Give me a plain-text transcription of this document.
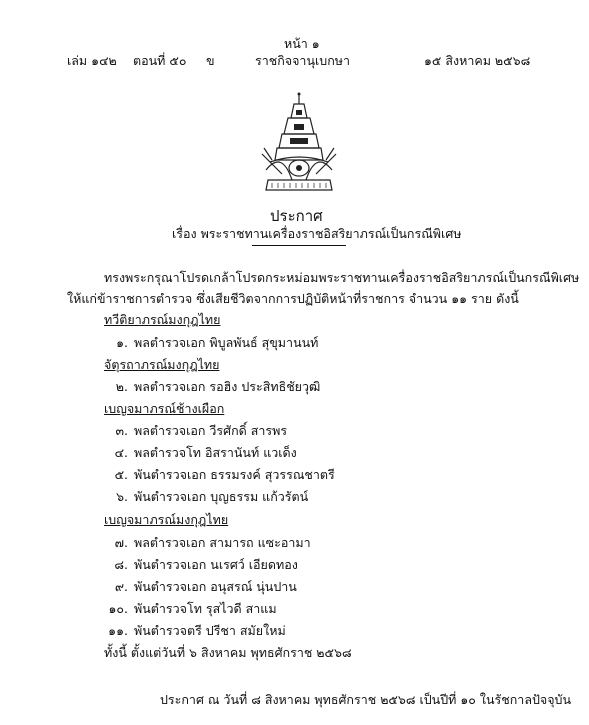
หน้า ๑
เล่ม ๑๔๒ ตอนที่ ๕๐ ข	ราชกิจจานุเบกษา	๑๕ สิงหาคม ๒๕๖๘
ประกาศ
เรื่อง พระราชทานเครื่องราชอิสริยาภรณ์เป็นกรณีพิเศษ
ทรงพระกรุณาโปรดเกล้าโปรดกระหม่อมพระราชทานเครื่องราชอิสริยาภรณ์เป็นกรณีพิเศษ
ให้แก่ข้าราชการตำรวจ ซึ่งเสียชีวิตจากการปฏิบัติหน้าที่ราชการ จำนวน ๑๑ ราย ดังนี้
ทวีติยาภรณ์มงกุฎไทย
๑. พลตำรวจเอก พิบูลพันธ์ สุขุมานนท์
จัตุรถาภรณ์มงกุฎไทย
๒. พลตำรวจเอก รอฮิง ประสิทธิชัยวุฒิ
เบญจมาภรณ์ช้างเผือก
๓. พลตำรวจเอก วีรศักดิ์ สารพร
๔. พลตำรวจโท อิสรานันท์ แวเด็ง
๕. พันตำรวจเอก ธรรมรงค์ สุวรรณชาตรี
๖. พันตำรวจเอก บุญธรรม แก้วรัตน์
เบญจมาภรณ์มงกุฎไทย
๗. พลตำรวจเอก สามารถ แซะอามา
๘. พันตำรวจเอก นเรศว์ เอียดทอง
๙. พันตำรวจเอก อนุสรณ์ นุ่นปาน
๑๐. พันตำรวจโท รุสไวดี สาแม
๑๑. พันตำรวจตรี ปรีชา สมัยใหม่
ทั้งนี้ ตั้งแต่วันที่ ๖ สิงหาคม พุทธศักราช ๒๕๖๘
ประกาศ ณ วันที่ ๘ สิงหาคม พุทธศักราช ๒๕๖๘ เป็นปีที่ ๑๐ ในรัชกาลปัจจุบัน
